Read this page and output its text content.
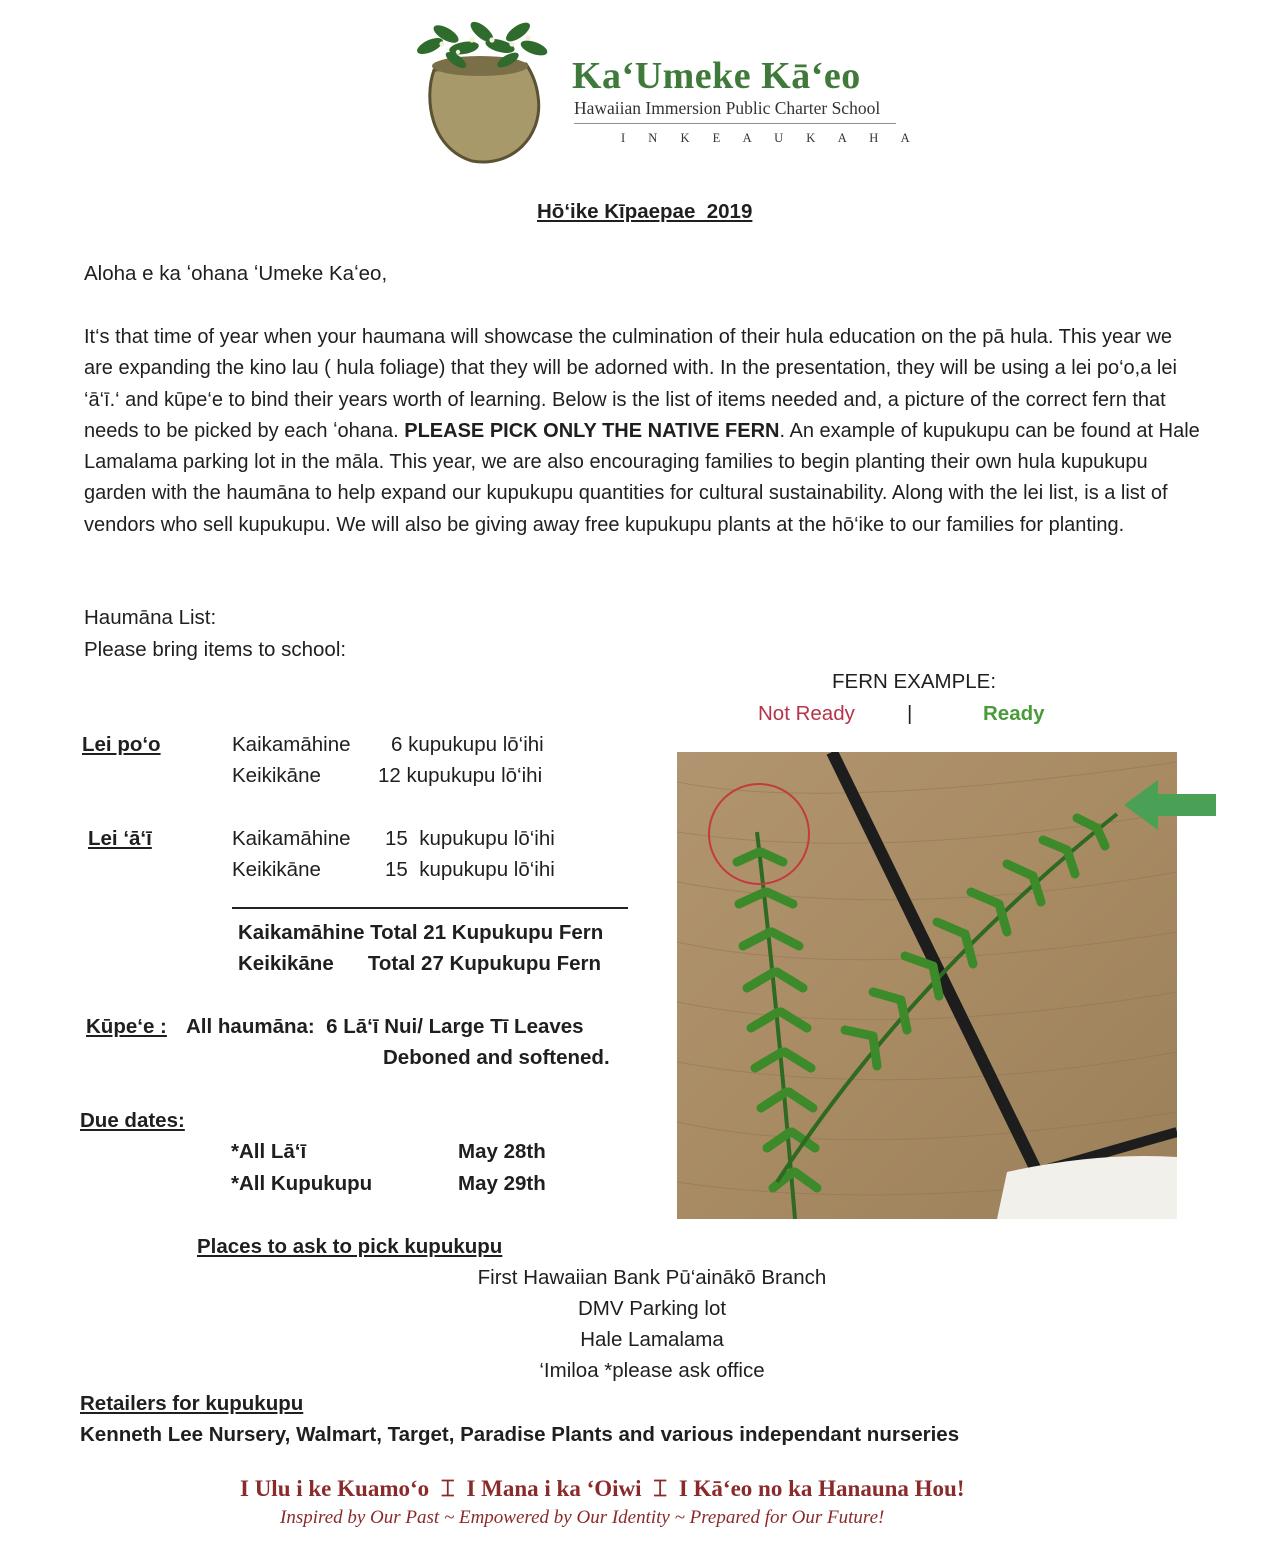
Ka‘Umeke Kā‘eo
Hawaiian Immersion Public Charter School
I N K E A U K A H A
Hō‘ike Kīpaepae  2019
Aloha e ka ʻohana ʻUmeke Kaʻeo,
It‘s that time of year when your haumana will showcase the culmination of their hula education on the pā hula. This year we are expanding the kino lau ( hula foliage) that they will be adorned with. In the presentation, they will be using a lei po‘o,a lei ‘ā‘ī.‘ and kūpe‘e to bind their years worth of learning. Below is the list of items needed and, a picture of the correct fern that needs to be picked by each ʻohana. PLEASE PICK ONLY THE NATIVE FERN. An example of kupukupu can be found at Hale Lamalama parking lot in the māla. This year, we are also encouraging families to begin planting their own hula kupukupu garden with the haumāna to help expand our kupukupu quantities for cultural sustainability. Along with the lei list, is a list of vendors who sell kupukupu. We will also be giving away free kupukupu plants at the hō‘ike to our families for planting.
Haumāna List:
Please bring items to school:
FERN EXAMPLE:
Not Ready	|	Ready
Lei po‘o	Kaikamāhine 6 kupukupu lō‘ihi
Keikikāne	12 kupukupu lō‘ihi
Lei ‘ā‘ī	Kaikamāhine 15  kupukupu lō‘ihi
Keikikāne	15  kupukupu lō‘ihi
Kaikamāhine Total 21 Kupukupu Fern
Keikikāne      Total 27 Kupukupu Fern
Kūpe‘e : All haumāna:  6 Lā‘ī Nui/ Large Tī Leaves
Deboned and softened.
Due dates:
*All Lā‘ī	May 28th
*All Kupukupu	May 29th
Places to ask to pick kupukupu
First Hawaiian Bank Pū‘ainākō Branch
DMV Parking lot
Hale Lamalama
‘Imiloa *please ask office
Retailers for kupukupu
Kenneth Lee Nursery, Walmart, Target, Paradise Plants and various independant nurseries
I Ulu i ke Kuamo‘o ⌶ I Mana i ka ‘Oiwi ⌶ I Kā‘eo no ka Hanauna Hou!
Inspired by Our Past ~ Empowered by Our Identity ~ Prepared for Our Future!
